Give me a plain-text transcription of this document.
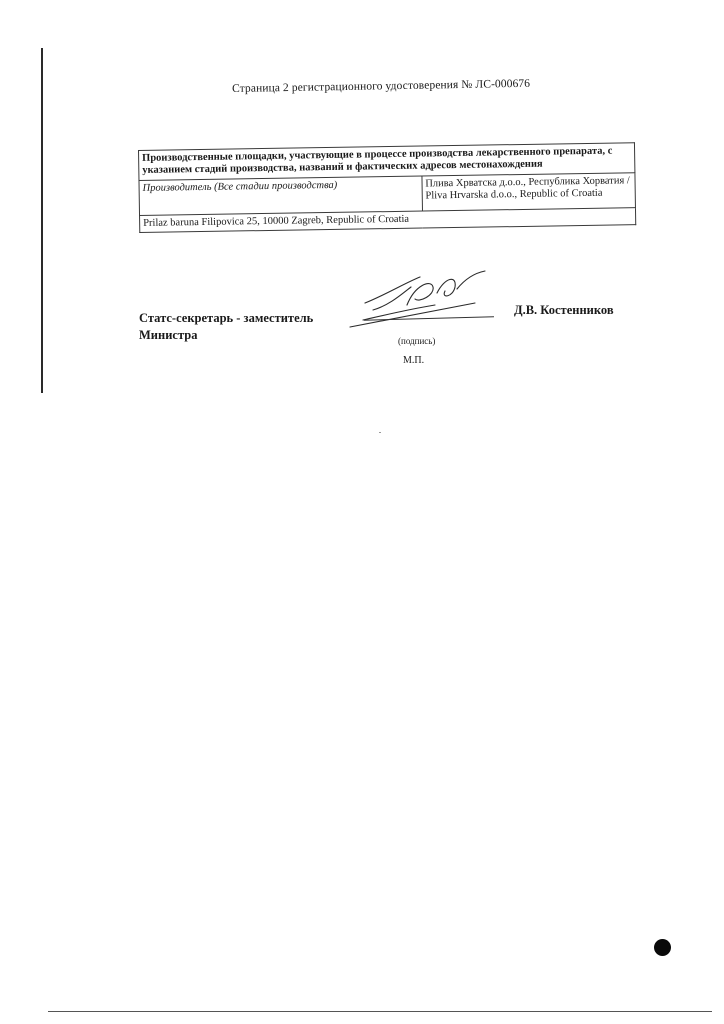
Страница 2 регистрационного удостоверения № ЛС-000676
Производственные площадки, участвующие в процессе производства лекарственного препарата, с указанием стадий производства, названий и фактических адресов местонахождения
Производитель (Все стадии производства)	Плива Хрватска д.о.о., Республика Хорватия / Pliva Hrvarska d.o.o., Republic of Croatia
Prilaz baruna Filipovica 25, 10000 Zagreb, Republic of Croatia
Статс-секретарь - заместитель Министра
Д.В. Костенников
(подпись)
М.П.
